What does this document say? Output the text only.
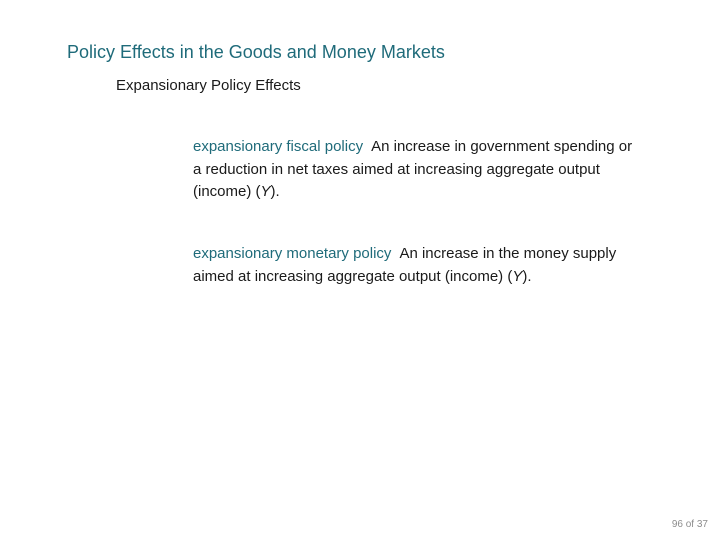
Policy Effects in the Goods and Money Markets
Expansionary Policy Effects
expansionary fiscal policy An increase in government spending or a reduction in net taxes aimed at increasing aggregate output (income) (Y).
expansionary monetary policy An increase in the money supply aimed at increasing aggregate output (income) (Y).
96 of 37
